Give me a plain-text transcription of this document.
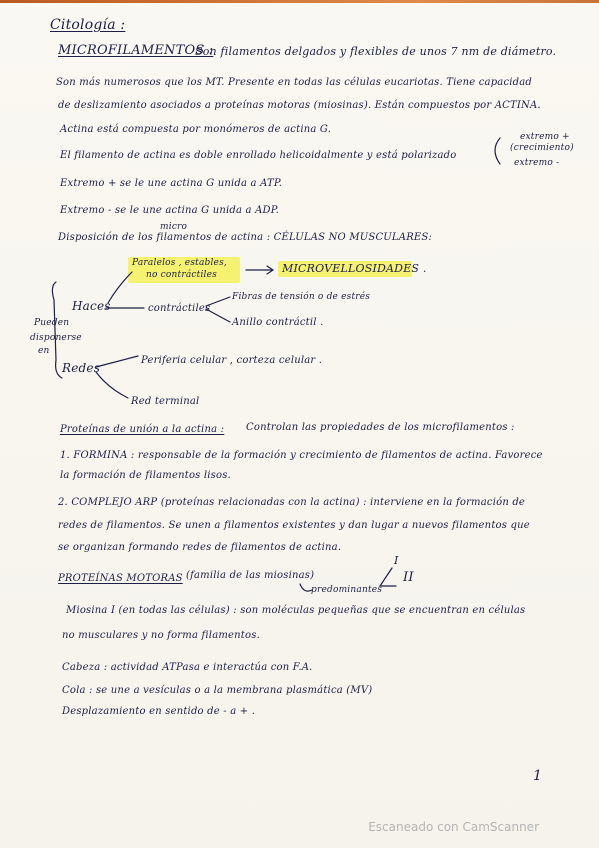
Citología :
MICROFILAMENTOS :
Son filamentos delgados y flexibles de unos 7 nm de diámetro.
Son más numerosos que los MT. Presente en todas las células eucariotas. Tiene capacidad
de deslizamiento asociados a proteínas motoras (miosinas). Están compuestos por ACTINA.
Actina está compuesta por monómeros de actina G.
El filamento de actina es doble enrollado helicoidalmente y está polarizado
extremo +
(crecimiento)
extremo -
Extremo + se le une actina G unida a ATP.
Extremo - se le une actina G unida a ADP.
Disposición de los filamentos de actina : CÉLULAS NO MUSCULARES:
micro
Paralelos , estables,
no contráctiles	MICROVELLOSIDADES .
Haces	contráctiles
Fibras de tensión o de estrés
Anillo contráctil .
Pueden
disponerse
en
Redes
Periferia celular , corteza celular .
Red terminal
Proteínas de unión a la actina : Controlan las propiedades de los microfilamentos :
1. FORMINA : responsable de la formación y crecimiento de filamentos de actina. Favorece
la formación de filamentos lisos.
2. COMPLEJO ARP (proteínas relacionadas con la actina) : interviene en la formación de
redes de filamentos. Se unen a filamentos existentes y dan lugar a nuevos filamentos que
se organizan formando redes de filamentos de actina.
PROTEÍNAS MOTORAS (familia de las miosinas)
predominantes
I
II
Miosina I (en todas las células) : son moléculas pequeñas que se encuentran en células
no musculares y no forma filamentos.
Cabeza : actividad ATPasa e interactúa con F.A.
Cola : se une a vesículas o a la membrana plasmática (MV)
Desplazamiento en sentido de - a + .
1
Escaneado con CamScanner
